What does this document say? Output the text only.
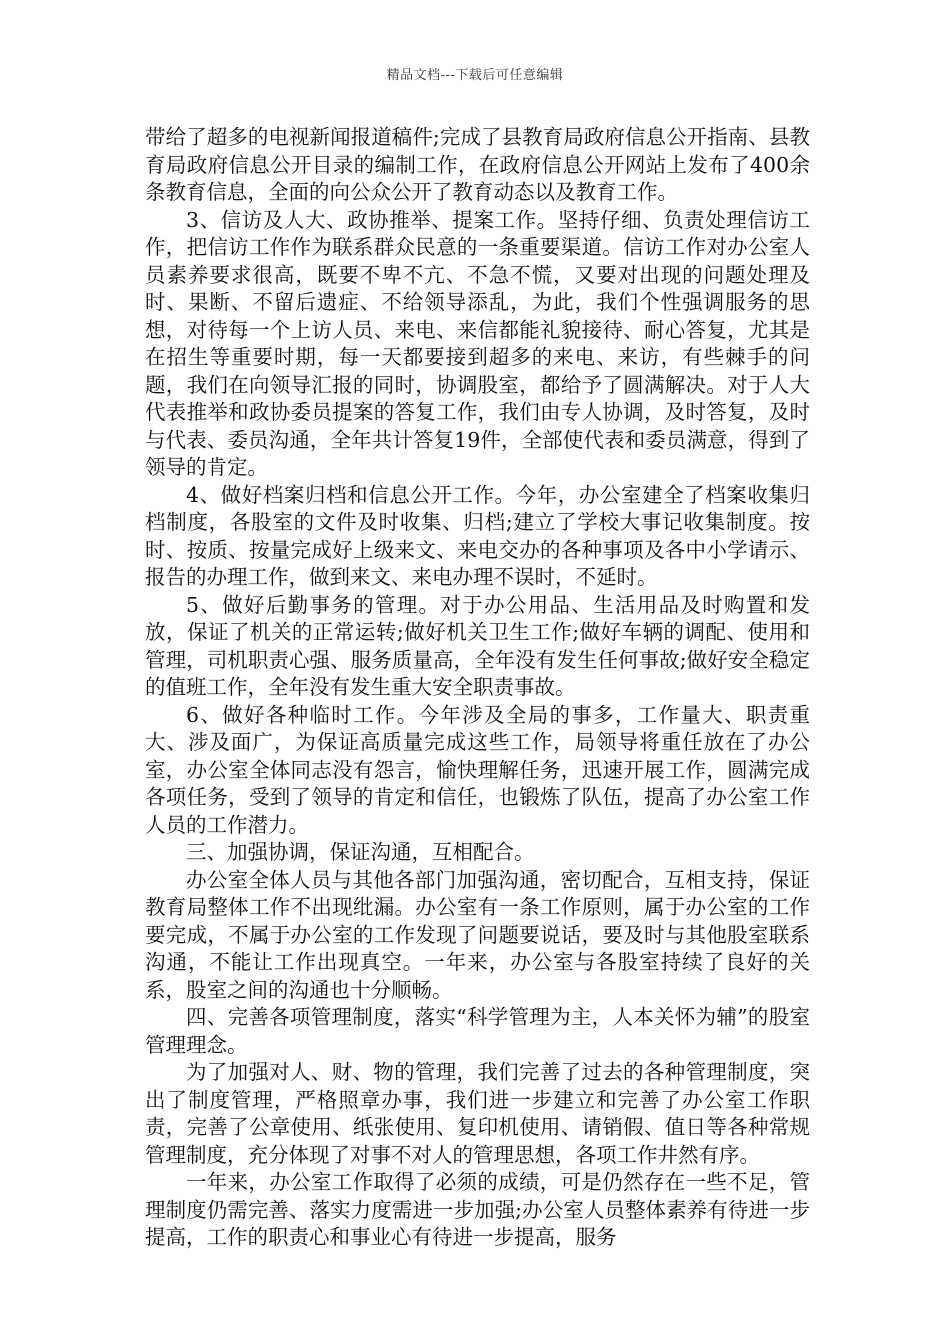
精品文档---下载后可任意编辑

带给了超多的电视新闻报道稿件;完成了县教育局政府信息公开指南、县教育局政府信息公开目录的编制工作，在政府信息公开网站上发布了400余条教育信息，全面的向公众公开了教育动态以及教育工作。

3、信访及人大、政协推举、提案工作。坚持仔细、负责处理信访工作，把信访工作作为联系群众民意的一条重要渠道。信访工作对办公室人员素养要求很高，既要不卑不亢、不急不慌，又要对出现的问题处理及时、果断、不留后遗症、不给领导添乱，为此，我们个性强调服务的思想，对待每一个上访人员、来电、来信都能礼貌接待、耐心答复，尤其是在招生等重要时期，每一天都要接到超多的来电、来访，有些棘手的问题，我们在向领导汇报的同时，协调股室，都给予了圆满解决。对于人大代表推举和政协委员提案的答复工作，我们由专人协调，及时答复，及时与代表、委员沟通，全年共计答复19件，全部使代表和委员满意，得到了领导的肯定。

4、做好档案归档和信息公开工作。今年，办公室建全了档案收集归档制度，各股室的文件及时收集、归档;建立了学校大事记收集制度。按时、按质、按量完成好上级来文、来电交办的各种事项及各中小学请示、报告的办理工作，做到来文、来电办理不误时，不延时。

5、做好后勤事务的管理。对于办公用品、生活用品及时购置和发放，保证了机关的正常运转;做好机关卫生工作;做好车辆的调配、使用和管理，司机职责心强、服务质量高，全年没有发生任何事故;做好安全稳定的值班工作，全年没有发生重大安全职责事故。

6、做好各种临时工作。今年涉及全局的事多，工作量大、职责重大、涉及面广，为保证高质量完成这些工作，局领导将重任放在了办公室，办公室全体同志没有怨言，愉快理解任务，迅速开展工作，圆满完成各项任务，受到了领导的肯定和信任，也锻炼了队伍，提高了办公室工作人员的工作潜力。

三、加强协调，保证沟通，互相配合。

办公室全体人员与其他各部门加强沟通，密切配合，互相支持，保证教育局整体工作不出现纰漏。办公室有一条工作原则，属于办公室的工作要完成，不属于办公室的工作发现了问题要说话，要及时与其他股室联系沟通，不能让工作出现真空。一年来，办公室与各股室持续了良好的关系，股室之间的沟通也十分顺畅。

四、完善各项管理制度，落实“科学管理为主，人本关怀为辅”的股室管理理念。

为了加强对人、财、物的管理，我们完善了过去的各种管理制度，突出了制度管理，严格照章办事，我们进一步建立和完善了办公室工作职责，完善了公章使用、纸张使用、复印机使用、请销假、值日等各种常规管理制度，充分体现了对事不对人的管理思想，各项工作井然有序。

一年来，办公室工作取得了必须的成绩，可是仍然存在一些不足，管理制度仍需完善、落实力度需进一步加强;办公室人员整体素养有待进一步提高，工作的职责心和事业心有待进一步提高，服务
